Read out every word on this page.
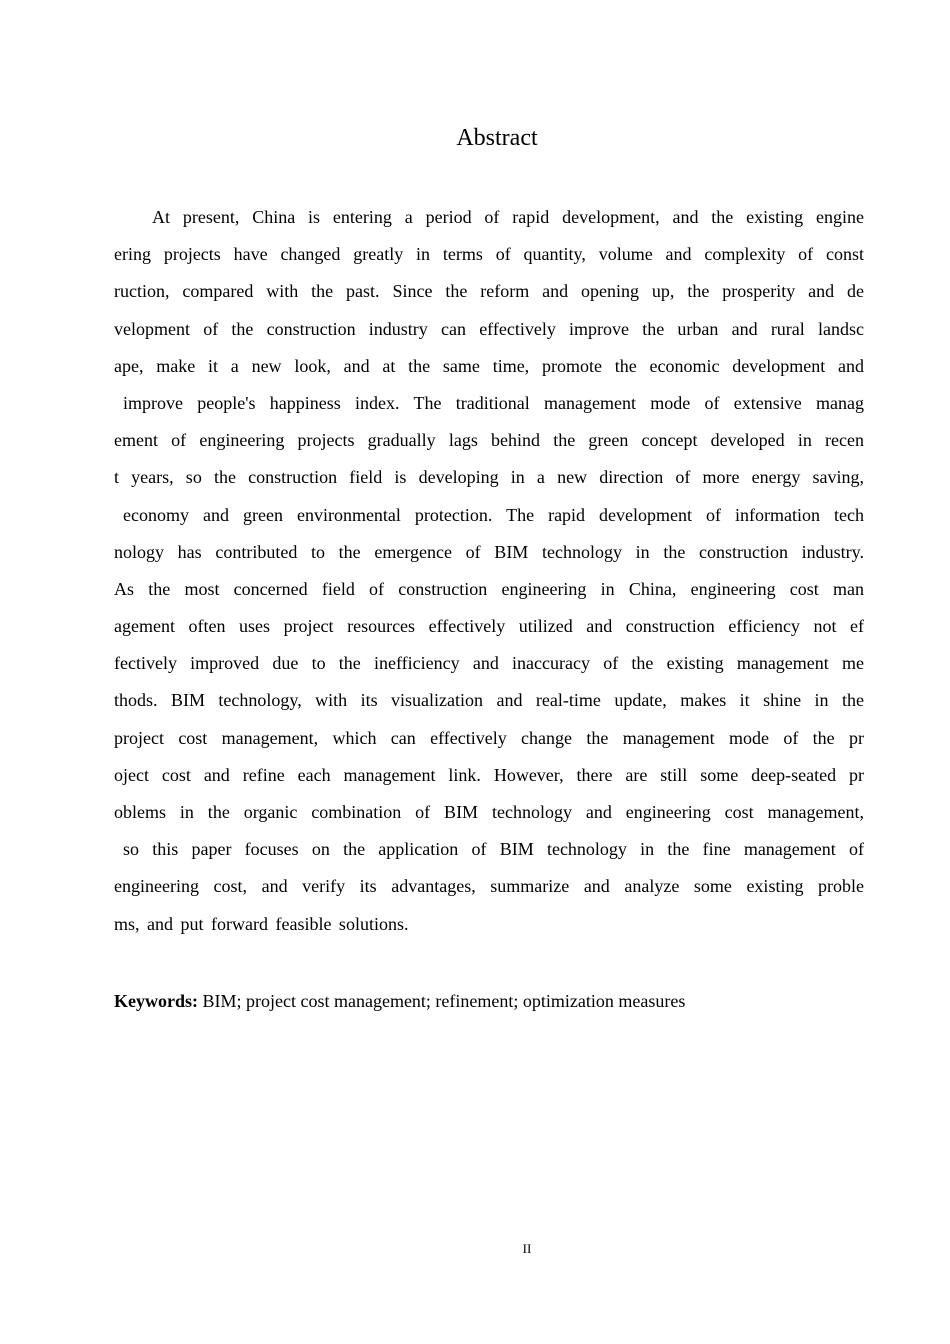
Abstract
At present, China is entering a period of rapid development, and the existing engine
ering projects have changed greatly in terms of quantity, volume and complexity of const
ruction, compared with the past. Since the reform and opening up, the prosperity and de
velopment of the construction industry can effectively improve the urban and rural landsc
ape, make it a new look, and at the same time, promote the economic development and
improve people's happiness index. The traditional management mode of extensive manag
ement of engineering projects gradually lags behind the green concept developed in recen
t years, so the construction field is developing in a new direction of more energy saving,
economy and green environmental protection. The rapid development of information tech
nology has contributed to the emergence of BIM technology in the construction industry.
As the most concerned field of construction engineering in China, engineering cost man
agement often uses project resources effectively utilized and construction efficiency not ef
fectively improved due to the inefficiency and inaccuracy of the existing management me
thods. BIM technology, with its visualization and real-time update, makes it shine in the
project cost management, which can effectively change the management mode of the pr
oject cost and refine each management link. However, there are still some deep-seated pr
oblems in the organic combination of BIM technology and engineering cost management,
so this paper focuses on the application of BIM technology in the fine management of
engineering cost, and verify its advantages, summarize and analyze some existing proble
ms, and put forward feasible solutions.
Keywords: BIM; project cost management; refinement; optimization measures
II
